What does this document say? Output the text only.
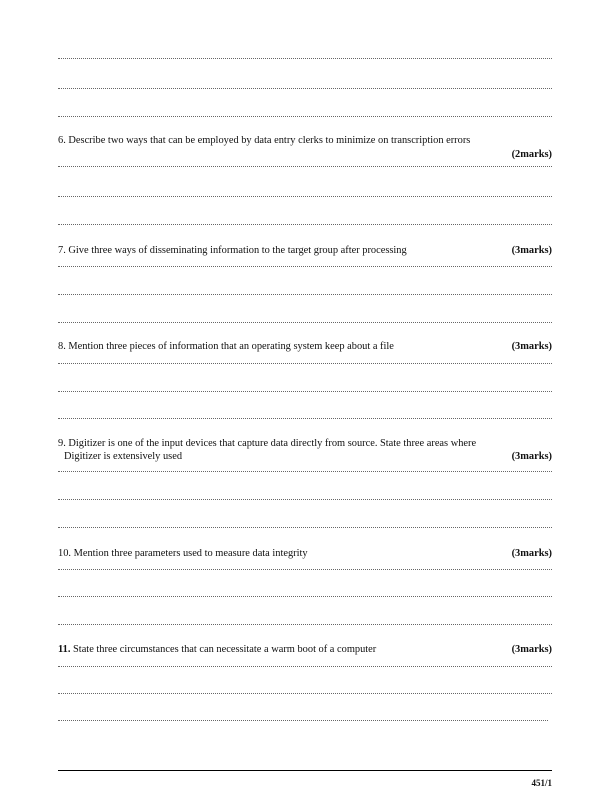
6. Describe two ways that can be employed by data entry clerks to minimize on transcription errors
(2marks)
7. Give three ways of disseminating information to the target group after processing	(3marks)
8. Mention three pieces of information that an operating system keep about a file	(3marks)
9. Digitizer is one of the input devices that capture data directly from source. State three areas where
Digitizer is extensively used	(3marks)
10. Mention three parameters used to measure data integrity	(3marks)
11. State three circumstances that can necessitate a warm boot of a computer	(3marks)
451/1
